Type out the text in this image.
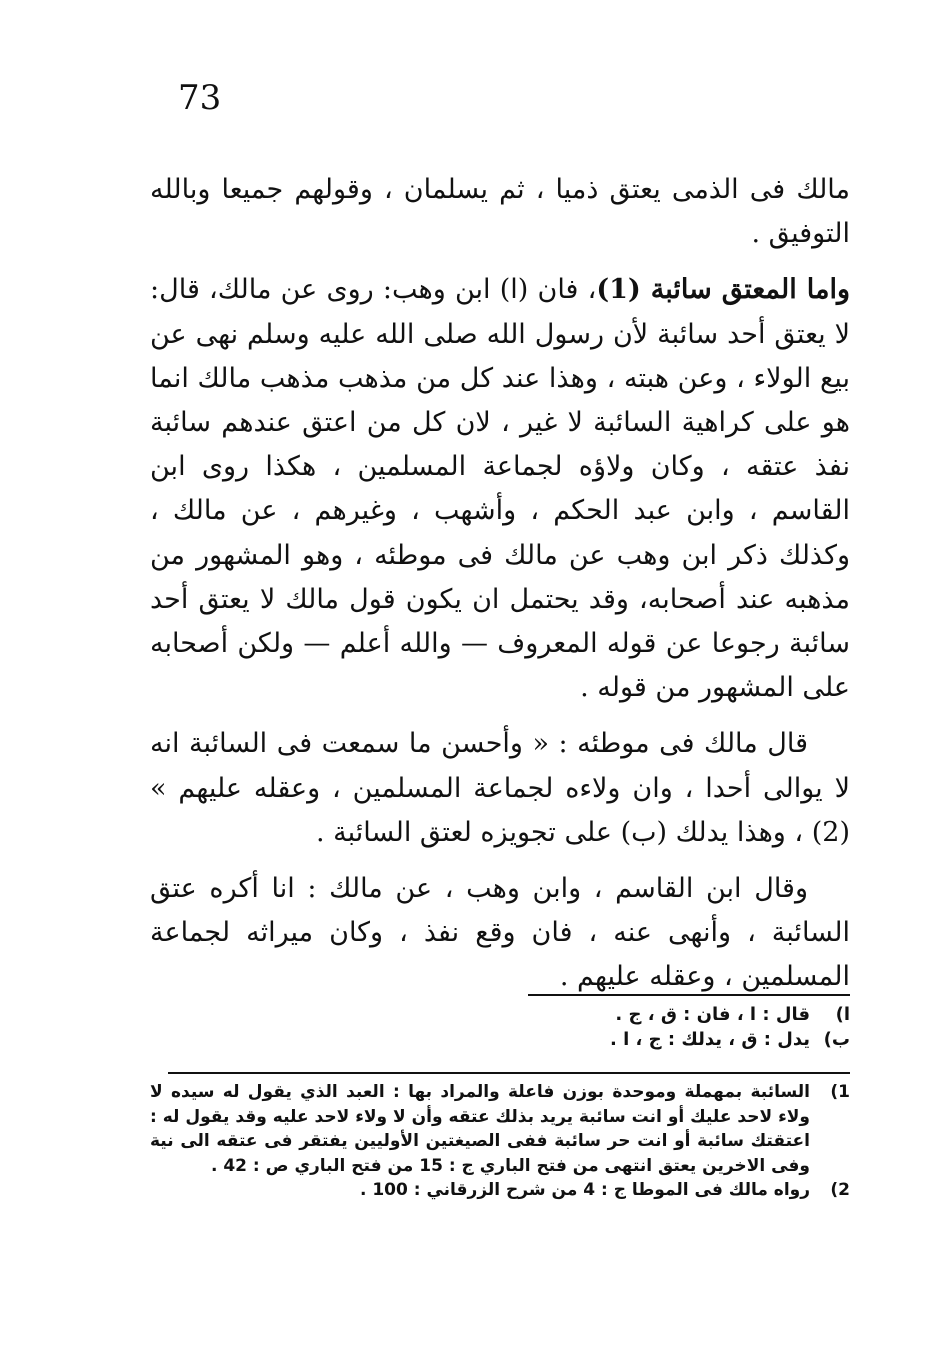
73

مالك فى الذمى يعتق ذميا ، ثم يسلمان ، وقولهم جميعا وبالله التوفيق .

واما المعتق سائبة (1)، فان (ا) ابن وهب: روى عن مالك، قال: لا يعتق أحد سائبة لأن رسول الله صلى الله عليه وسلم نهى عن بيع الولاء ، وعن هبته ، وهذا عند كل من مذهب مذهب مالك انما هو على كراهية السائبة لا غير ، لان كل من اعتق عندهم سائبة نفذ عتقه ، وكان ولاؤه لجماعة المسلمين ، هكذا روى ابن القاسم ، وابن عبد الحكم ، وأشهب ، وغيرهم ، عن مالك ، وكذلك ذكر ابن وهب عن مالك فى موطئه ، وهو المشهور من مذهبه عند أصحابه، وقد يحتمل ان يكون قول مالك لا يعتق أحد سائبة رجوعا عن قوله المعروف — والله أعلم — ولكن أصحابه على المشهور من قوله .

قال مالك فى موطئه : « وأحسن ما سمعت فى السائبة انه لا يوالى أحدا ، وان ولاءه لجماعة المسلمين ، وعقله عليهم » (2) ، وهذا يدلك (ب) على تجويزه لعتق السائبة .

وقال ابن القاسم ، وابن وهب ، عن مالك : انا أكره عتق السائبة ، وأنهى عنه ، فان وقع نفذ ، وكان ميراثه لجماعة المسلمين ، وعقله عليهم .

ا)
قال : ا ، فان : ق ، ج .
ب)
يدل : ق ، يدلك : ج ، ا .
1)
السائبة بمهملة وموحدة بوزن فاعلة والمراد بها : العبد الذي يقول له سيده لا ولاء لاحد عليك أو انت سائبة يريد بذلك عتقه وأن لا ولاء لاحد عليه وقد يقول له : اعتقتك سائبة أو انت حر سائبة ففى الصيغتين الأوليين يفتقر فى عتقه الى نية وفى الاخرين يعتق انتهى من فتح الباري ج : 15 من فتح الباري ص : 42 .
2)
رواه مالك فى الموطا ج : 4 من شرح الزرقاني : 100 .
